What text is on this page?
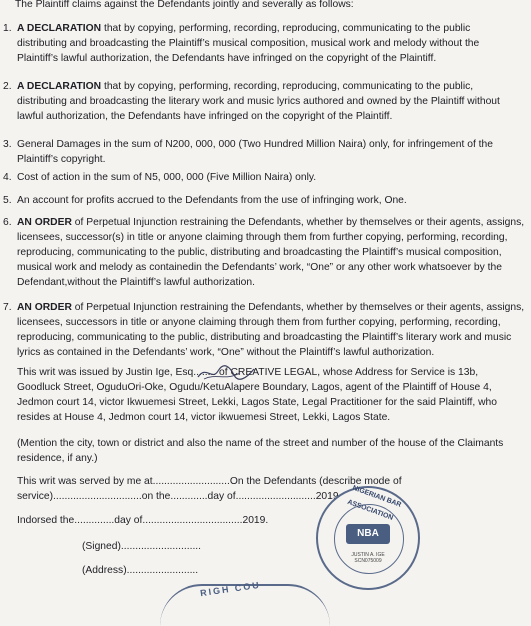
The Plaintiff claims against the Defendants jointly and severally as follows:
1. A DECLARATION that by copying, performing, recording, reproducing, communicating to the public
distributing and broadcasting the Plaintiff’s musical composition, musical work and melody without the
Plaintiff’s lawful authorization, the Defendants have infringed on the copyright of the Plaintiff.
2. A DECLARATION that by copying, performing, recording, reproducing, communicating to the public,
distributing and broadcasting the literary work and music lyrics authored and owned by the Plaintiff without
lawful authorization, the Defendants have infringed on the copyright of the Plaintiff.
3. General Damages in the sum of N200, 000, 000 (Two Hundred Million Naira) only, for infringement of the
Plaintiff’s copyright.
4. Cost of action in the sum of N5, 000, 000 (Five Million Naira) only.
5. An account for profits accrued to the Defendants from the use of infringing work, One.
6. AN ORDER of Perpetual Injunction restraining the Defendants, whether by themselves or their agents, assigns,
licensees, successor(s) in title or anyone claiming through them from further copying, performing, recording,
reproducing, communicating to the public, distributing and broadcasting the Plaintiff’s musical composition,
musical work and melody as containedin the Defendants’ work, “One” or any other work whatsoever by the
Defendant,without the Plaintiff’s lawful authorization.
7. AN ORDER of Perpetual Injunction restraining the Defendants, whether by themselves or their agents, assigns,
licensees, successors in title or anyone claiming through them from further copying, performing, recording,
reproducing, communicating to the public, distributing and broadcasting the Plaintiff’s literary work and music
lyrics as contained in the Defendants’ work, “One” without the Plaintiff’s lawful authorization.
This writ was issued by Justin Ige, Esq........ of CREATIVE LEGAL, whose Address for Service is 13b,
Goodluck Street, OguduOri-Oke, Ogudu/KetuAlapere Boundary, Lagos, agent of the Plaintiff of House 4,
Jedmon court 14, victor Ikwuemesi Street, Lekki, Lagos State, Legal Practitioner for the said Plaintiff, who
resides at House 4, Jedmon court 14, victor ikwuemesi Street, Lekki, Lagos State.
(Mention the city, town or district and also the name of the street and number of the house of the Claimants
residence, if any.)
This writ was served by me at...........................On the Defendants (describe mode of
service)...............................on the.............day of............................2019
Indorsed the..............day of...................................2019.
(Signed)............................
(Address).........................
NIGERIAN BAR ASSOCIATION
NBA
JUSTIN A. IGE
SCN075009
RIGH COU
